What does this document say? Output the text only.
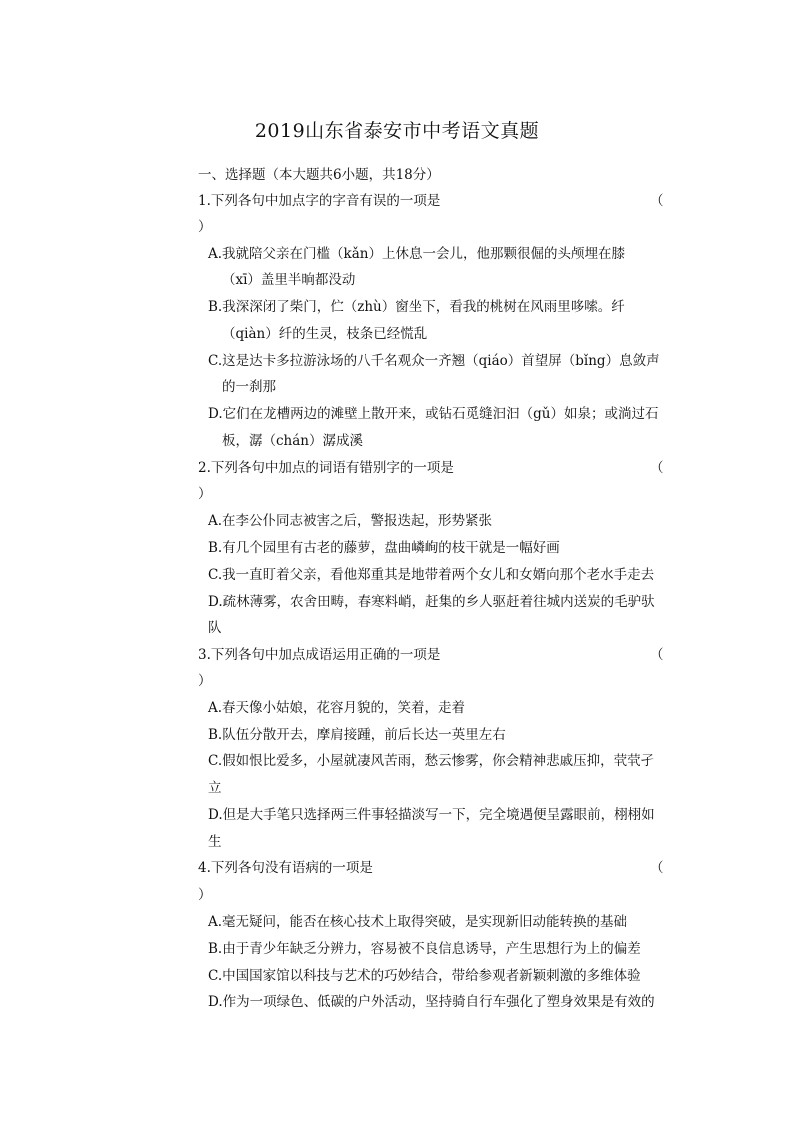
2019山东省泰安市中考语文真题
一、选择题（本大题共6小题，共18分）
1.下列各句中加点字的字音有误的一项是	（
）
A.我就陪父亲在门槛（kǎn）上休息一会儿，他那颗很倔的头颅埋在膝
（xī）盖里半晌都没动
B.我深深闭了柴门，伫（zhù）窗坐下，看我的桃树在风雨里哆嗦。纤
（qiàn）纤的生灵，枝条已经慌乱
C.这是达卡多拉游泳场的八千名观众一齐翘（qiáo）首望屏（bǐng）息敛声
的一刹那
D.它们在龙槽两边的滩壁上散开来，或钻石觅缝汩汩（gǔ）如泉；或淌过石
板，潺（chán）潺成溪
2.下列各句中加点的词语有错别字的一项是	（
）
A.在李公仆同志被害之后，警报迭起，形势紧张
B.有几个园里有古老的藤萝，盘曲嶙峋的枝干就是一幅好画
C.我一直盯着父亲，看他郑重其是地带着两个女儿和女婿向那个老水手走去
D.疏林薄雾，农舍田畴，春寒料峭，赶集的乡人驱赶着往城内送炭的毛驴驮
队
3.下列各句中加点成语运用正确的一项是	（
）
A.春天像小姑娘，花容月貌的，笑着，走着
B.队伍分散开去，摩肩接踵，前后长达一英里左右
C.假如恨比爱多，小屋就凄风苦雨，愁云惨雾，你会精神悲戚压抑，茕茕孑
立
D.但是大手笔只选择两三件事轻描淡写一下，完全境遇便呈露眼前，栩栩如
生
4.下列各句没有语病的一项是	（
）
A.毫无疑问，能否在核心技术上取得突破，是实现新旧动能转换的基础
B.由于青少年缺乏分辨力，容易被不良信息诱导，产生思想行为上的偏差
C.中国国家馆以科技与艺术的巧妙结合，带给参观者新颖刺激的多维体验
D.作为一项绿色、低碳的户外活动，坚持骑自行车强化了塑身效果是有效的
